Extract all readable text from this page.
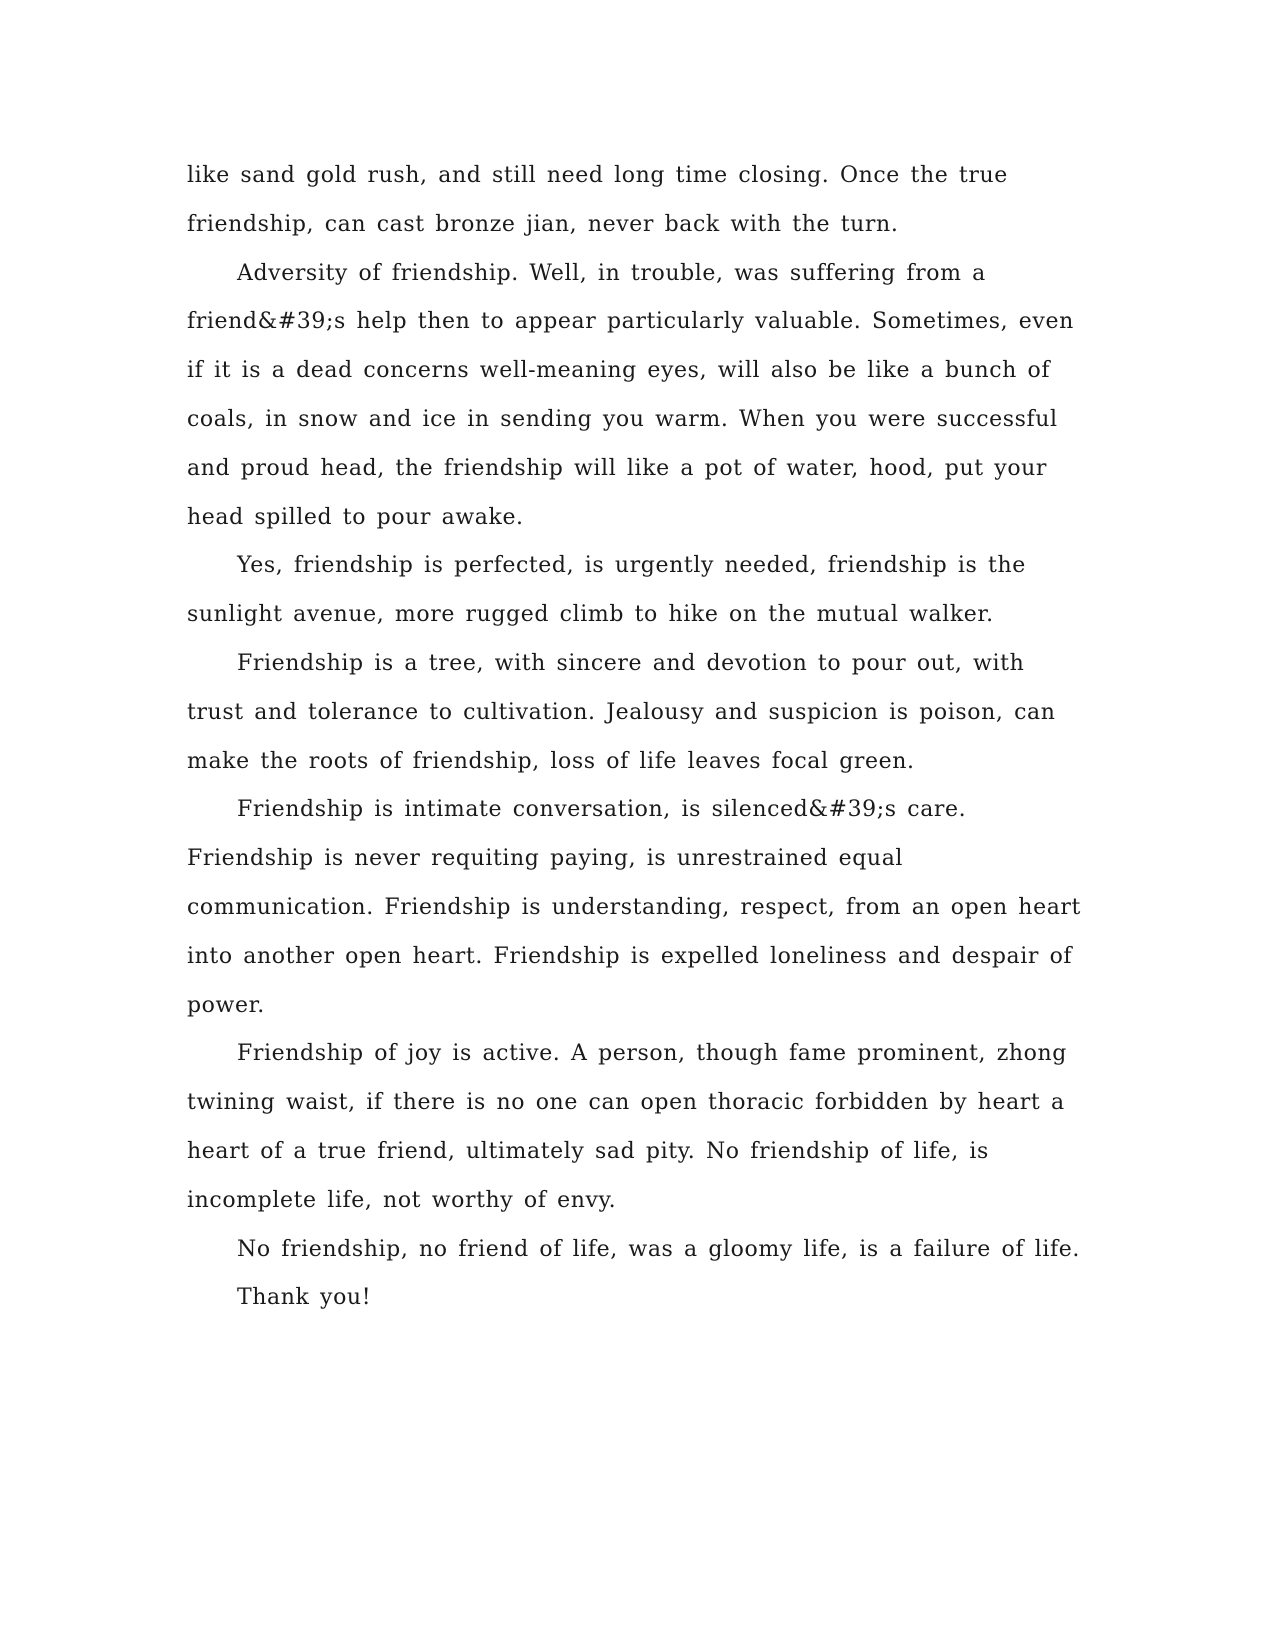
like sand gold rush, and still need long time closing. Once the true friendship, can cast bronze jian, never back with the turn.

Adversity of friendship. Well, in trouble, was suffering from a friend&#39;s help then to appear particularly valuable. Sometimes, even if it is a dead concerns well-meaning eyes, will also be like a bunch of coals, in snow and ice in sending you warm. When you were successful and proud head, the friendship will like a pot of water, hood, put your head spilled to pour awake.

Yes, friendship is perfected, is urgently needed, friendship is the sunlight avenue, more rugged climb to hike on the mutual walker.

Friendship is a tree, with sincere and devotion to pour out, with trust and tolerance to cultivation. Jealousy and suspicion is poison, can make the roots of friendship, loss of life leaves focal green.

Friendship is intimate conversation, is silenced&#39;s care. Friendship is never requiting paying, is unrestrained equal communication. Friendship is understanding, respect, from an open heart into another open heart. Friendship is expelled loneliness and despair of power.

Friendship of joy is active. A person, though fame prominent, zhong twining waist, if there is no one can open thoracic forbidden by heart a heart of a true friend, ultimately sad pity. No friendship of life, is incomplete life, not worthy of envy.

No friendship, no friend of life, was a gloomy life, is a failure of life.

Thank you!
